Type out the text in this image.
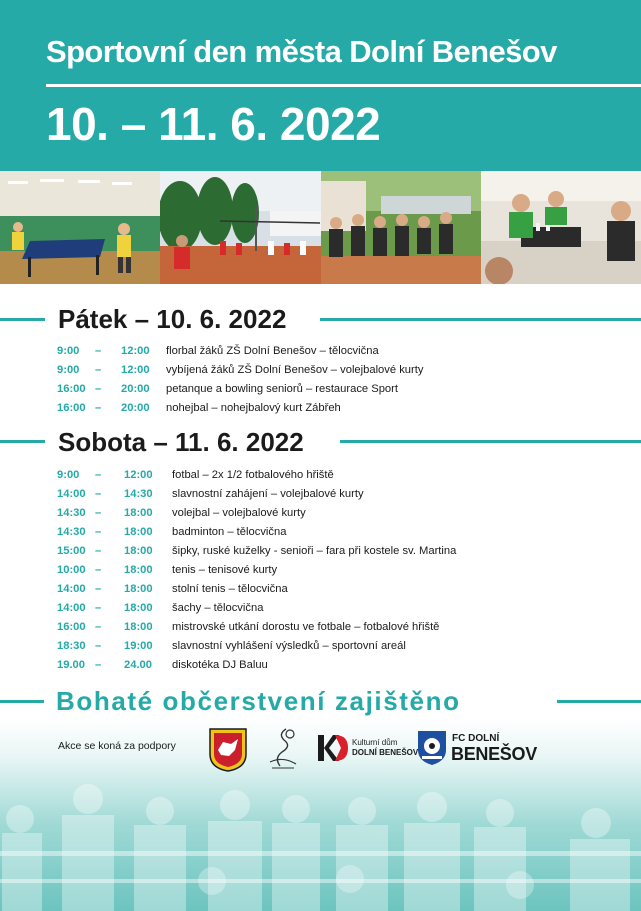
Sportovní den města Dolní Benešov
10. – 11. 6. 2022
Pátek – 10. 6. 2022
9:00 – 12:00 florbal žáků ZŠ Dolní Benešov – tělocvična
9:00 – 12:00 vybíjená žáků ZŠ Dolní Benešov – volejbalové kurty
16:00 – 20:00 petanque a bowling seniorů – restaurace Sport
16:00 – 20:00 nohejbal – nohejbalový kurt Zábřeh
Sobota – 11. 6. 2022
9:00 – 12:00 fotbal – 2x 1/2 fotbalového hřiště
14:00 – 14:30 slavnostní zahájení – volejbalové kurty
14:30 – 18:00 volejbal – volejbalové kurty
14:30 – 18:00 badminton – tělocvična
15:00 – 18:00 šipky, ruské kuželky - senioři – fara při kostele sv. Martina
10:00 – 18:00 tenis – tenisové kurty
14:00 – 18:00 stolní tenis – tělocvična
14:00 – 18:00 šachy – tělocvična
16:00 – 18:00 mistrovské utkání dorostu ve fotbale – fotbalové hřiště
18:30 – 19:00 slavnostní vyhlášení výsledků – sportovní areál
19.00 – 24.00 diskotéka DJ Baluu
Bohaté občerstvení zajištěno
Akce se koná za podpory	Kulturní dům
DOLNÍ BENEŠOV
FC DOLNÍ
BENEŠOV
